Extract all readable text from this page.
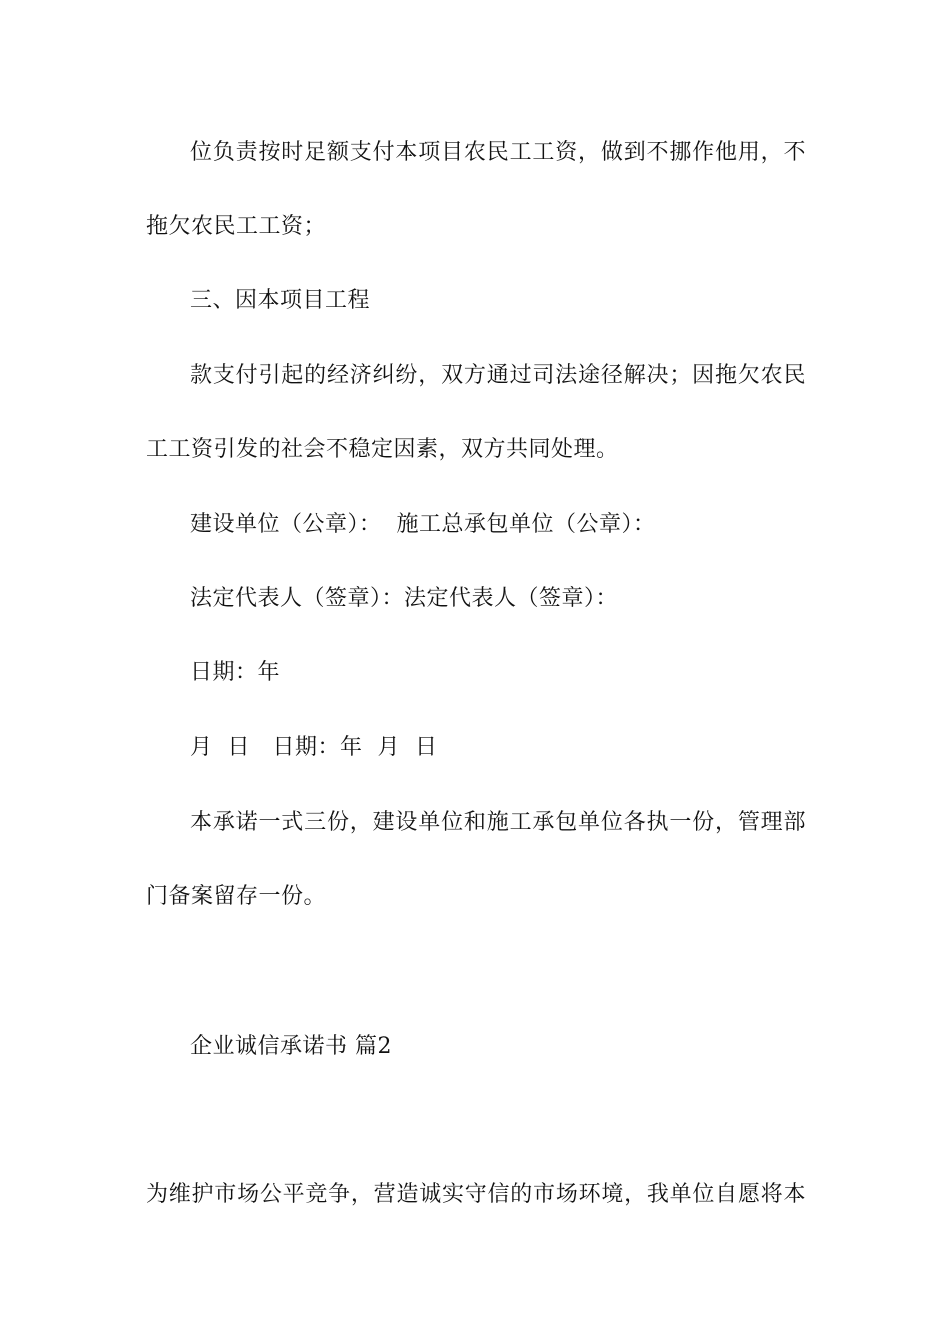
位负责按时足额支付本项目农民工工资，做到不挪作他用，不
拖欠农民工工资；
三、因本项目工程
款支付引起的经济纠纷，双方通过司法途径解决；因拖欠农民
工工资引发的社会不稳定因素，双方共同处理。
建设单位（公章）：  施工总承包单位（公章）：
法定代表人（签章）：法定代表人（签章）：
日期：年
月  日   日期：年  月  日
本承诺一式三份，建设单位和施工承包单位各执一份，管理部
门备案留存一份。
企业诚信承诺书 篇2
为维护市场公平竞争，营造诚实守信的市场环境，我单位自愿将本
